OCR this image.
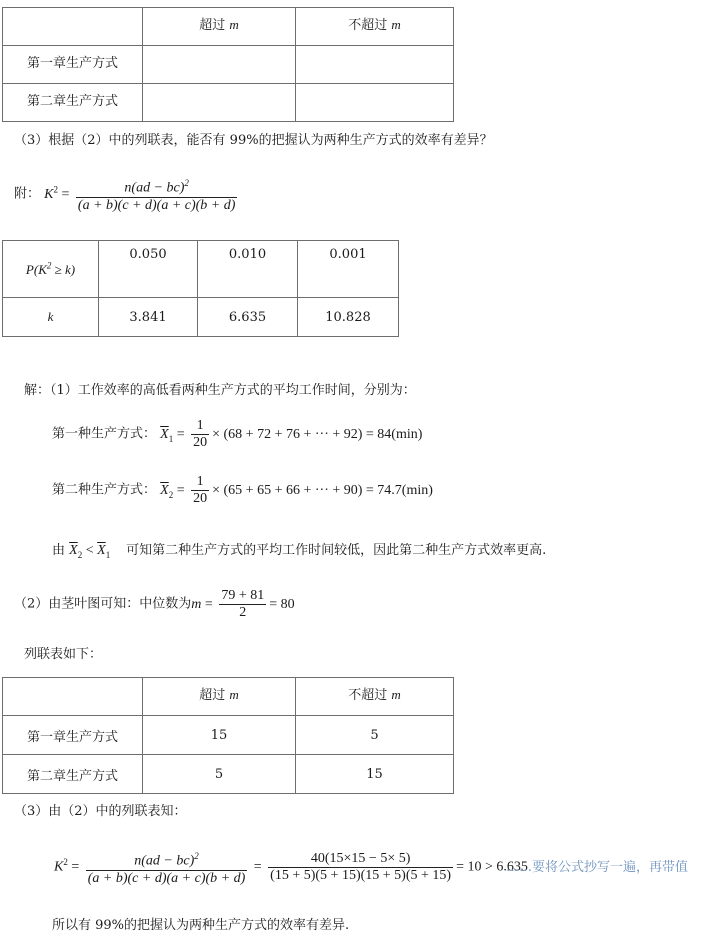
	超过 m	不超过 m
第一章生产方式		
第二章生产方式		
（3）根据（2）中的列联表，能否有 99%的把握认为两种生产方式的效率有差异？
附： $K^2 = \frac{n(ad - bc)^2}{(a + b)(c + d)(a + c)(b + d)}$
$P(K^2 \ge k)$	0.050	0.010	0.001
k	3.841	6.635	10.828
解：（1）工作效率的高低看两种生产方式的平均工作时间，分别为：
第一种生产方式： $\overline{X}_1 = \frac{1}{20} \times (68 + 72 + 76$ + ··· + 92) = 84(min)
第二种生产方式： $\overline{X}_2 = \frac{1}{20} \times (65 + 65 + 66$ + ··· + 90) = 74.7(min)
由 $\overline{X}_2 < \overline{X}_1$ 可知第二种生产方式的平均工作时间较低，因此第二种生产方式效率更高.
（2）由茎叶图可知：中位数为$m = \frac{79 + 81}{2} = 80$
列联表如下：
	超过 m	不超过 m
第一章生产方式	15	5
第二章生产方式	5	15
（3）由（2）中的列联表知：
$K^2 = \frac{n(ad - bc)^2}{(a + b)(c + d)(a + c)(b + d)} = \frac{40(15\times 15 - 5\times 5)}{(15 + 5)(5 + 15)(15 + 5)(5 + 15)} = 10 > 6.635$
……要将公式抄写一遍，再带值
所以有 99%的把握认为两种生产方式的效率有差异.
